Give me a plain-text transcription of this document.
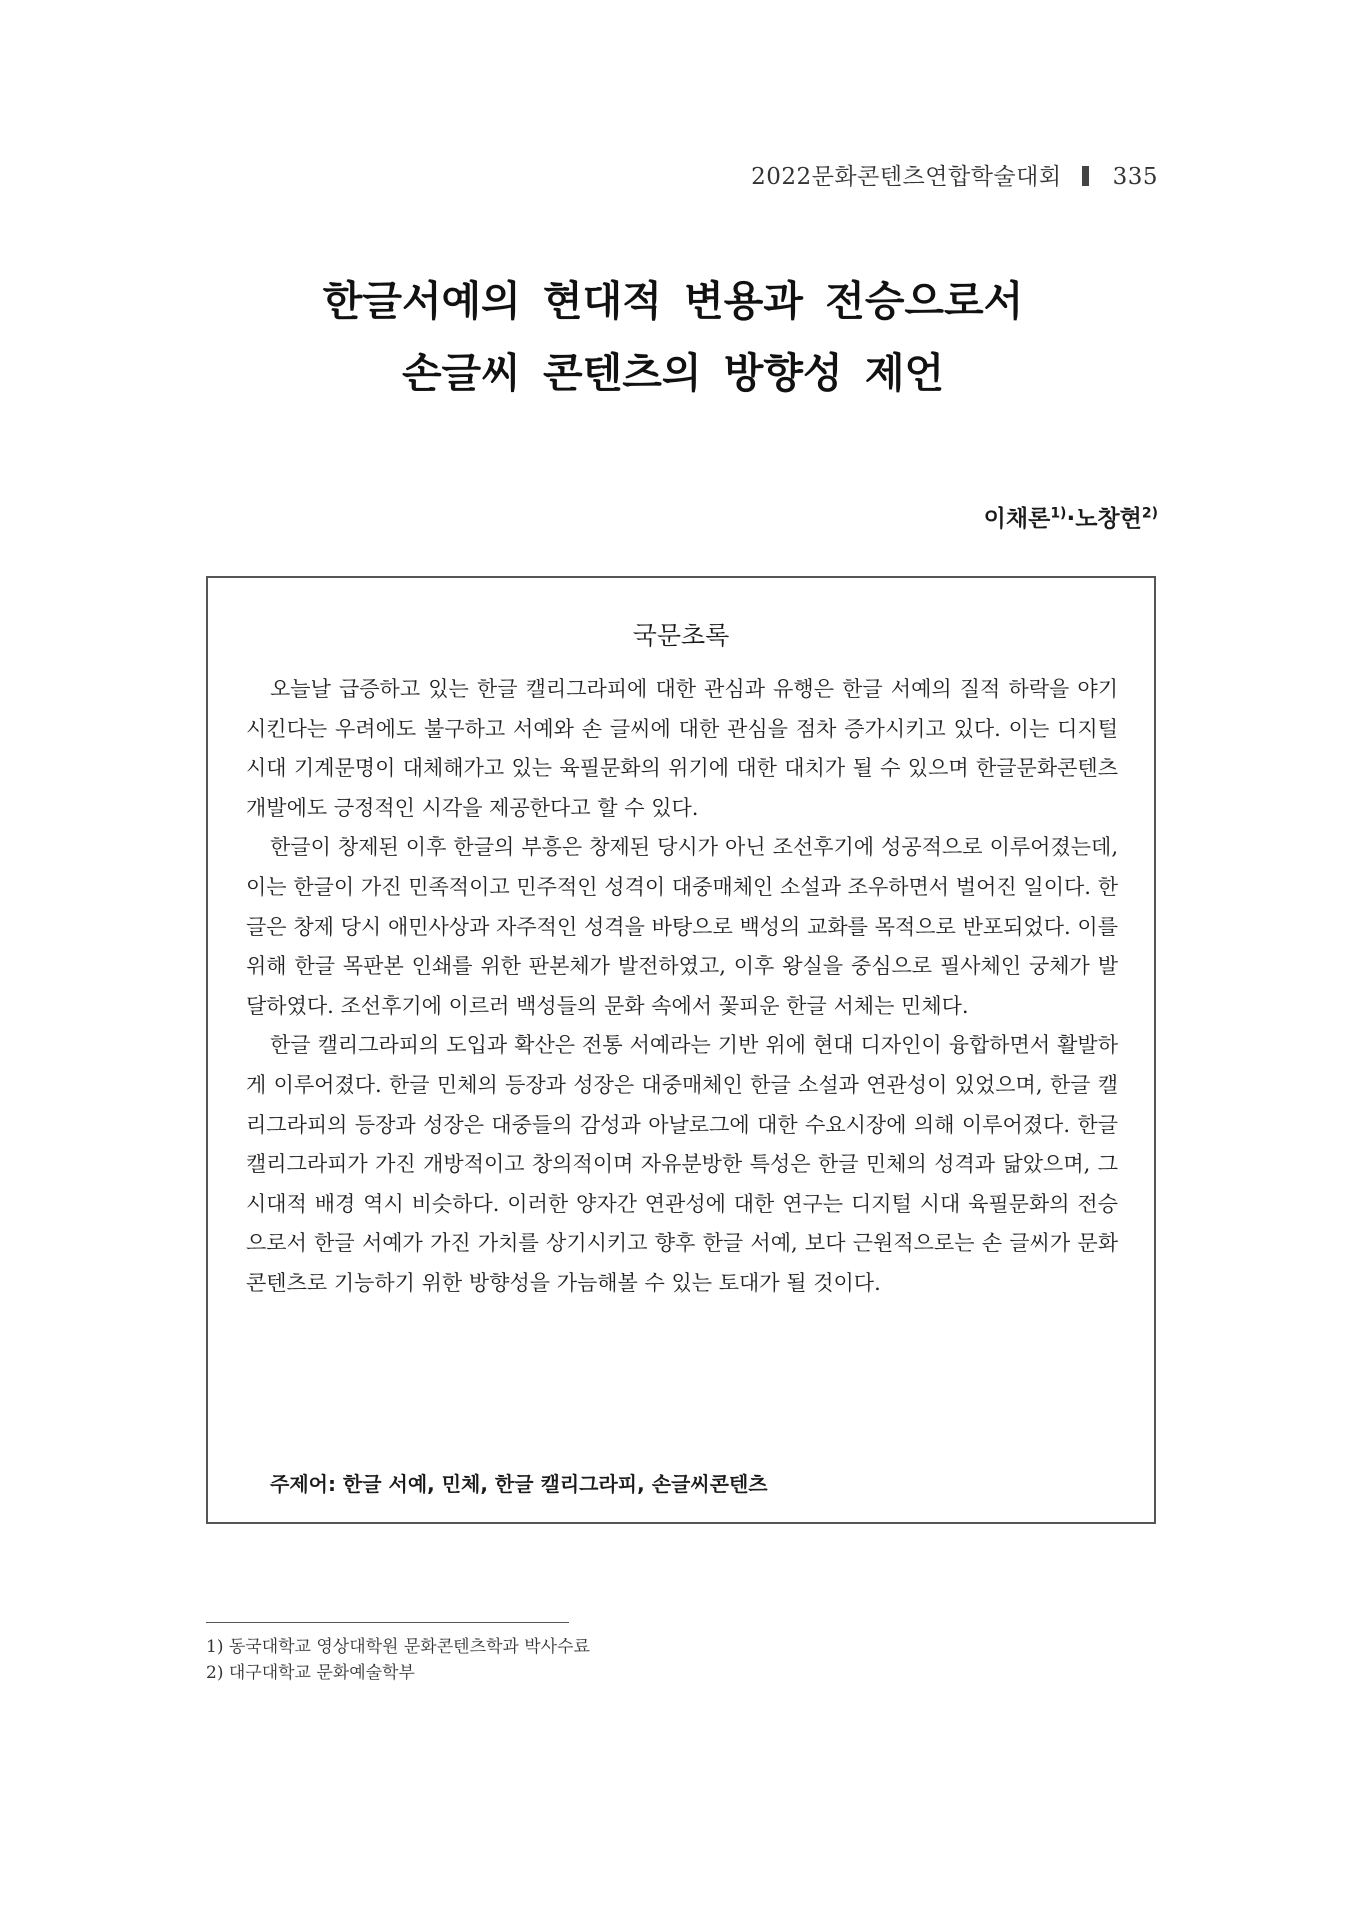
2022문화콘텐츠연합학술대회 335
한글서예의 현대적 변용과 전승으로서
손글씨 콘텐츠의 방향성 제언
이채론$^{1)}$·노창현$^{2)}$
국문초록

오늘날 급증하고 있는 한글 캘리그라피에 대한 관심과 유행은 한글 서예의 질적 하락을 야기 시킨다는 우려에도 불구하고 서예와 손 글씨에 대한 관심을 점차 증가시키고 있다. 이는 디지털 시대 기계문명이 대체해가고 있는 육필문화의 위기에 대한 대치가 될 수 있으며 한글문화콘텐츠 개발에도 긍정적인 시각을 제공한다고 할 수 있다.

한글이 창제된 이후 한글의 부흥은 창제된 당시가 아닌 조선후기에 성공적으로 이루어졌는데, 이는 한글이 가진 민족적이고 민주적인 성격이 대중매체인 소설과 조우하면서 벌어진 일이다. 한글은 창제 당시 애민사상과 자주적인 성격을 바탕으로 백성의 교화를 목적으로 반포되었다. 이를 위해 한글 목판본 인쇄를 위한 판본체가 발전하였고, 이후 왕실을 중심으로 필사체인 궁체가 발달하였다. 조선후기에 이르러 백성들의 문화 속에서 꽃피운 한글 서체는 민체다.

한글 캘리그라피의 도입과 확산은 전통 서예라는 기반 위에 현대 디자인이 융합하면서 활발하게 이루어졌다. 한글 민체의 등장과 성장은 대중매체인 한글 소설과 연관성이 있었으며, 한글 캘리그라피의 등장과 성장은 대중들의 감성과 아날로그에 대한 수요시장에 의해 이루어졌다. 한글 캘리그라피가 가진 개방적이고 창의적이며 자유분방한 특성은 한글 민체의 성격과 닮았으며, 그 시대적 배경 역시 비슷하다. 이러한 양자간 연관성에 대한 연구는 디지털 시대 육필문화의 전승으로서 한글 서예가 가진 가치를 상기시키고 향후 한글 서예, 보다 근원적으로는 손 글씨가 문화콘텐츠로 기능하기 위한 방향성을 가늠해볼 수 있는 토대가 될 것이다.

주제어: 한글 서예, 민체, 한글 캘리그라피, 손글씨콘텐츠
1) 동국대학교 영상대학원 문화콘텐츠학과 박사수료
2) 대구대학교 문화예술학부
